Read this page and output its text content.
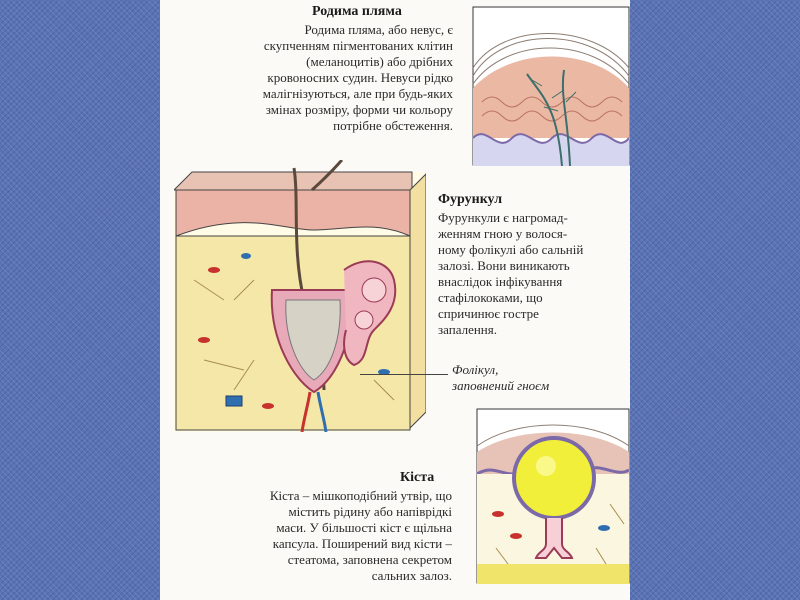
Родима пляма

Родима пляма, або невус, є
скупченням пігментованих клітин
(меланоцитів) або дрібних
кровоносних судин. Невуси рідко
малігнізуються, але при будь-яких
змінах розміру, форми чи кольору
потрібне обстеження.

Фурункул

Фурункули є нагромад-
женням гною у волося-
ному фолікулі або сальній
залозі. Вони виникають
внаслідок інфікування
стафілококами, що
спричинює гостре
запалення.

Фолікул,

заповнений гноєм

Кіста

Кіста – мішкоподібний утвір, що
містить рідину або напіврідкі
маси. У більшості кіст є щільна
капсула. Поширений вид кісти –
стеатома, заповнена секретом
сальних залоз.
